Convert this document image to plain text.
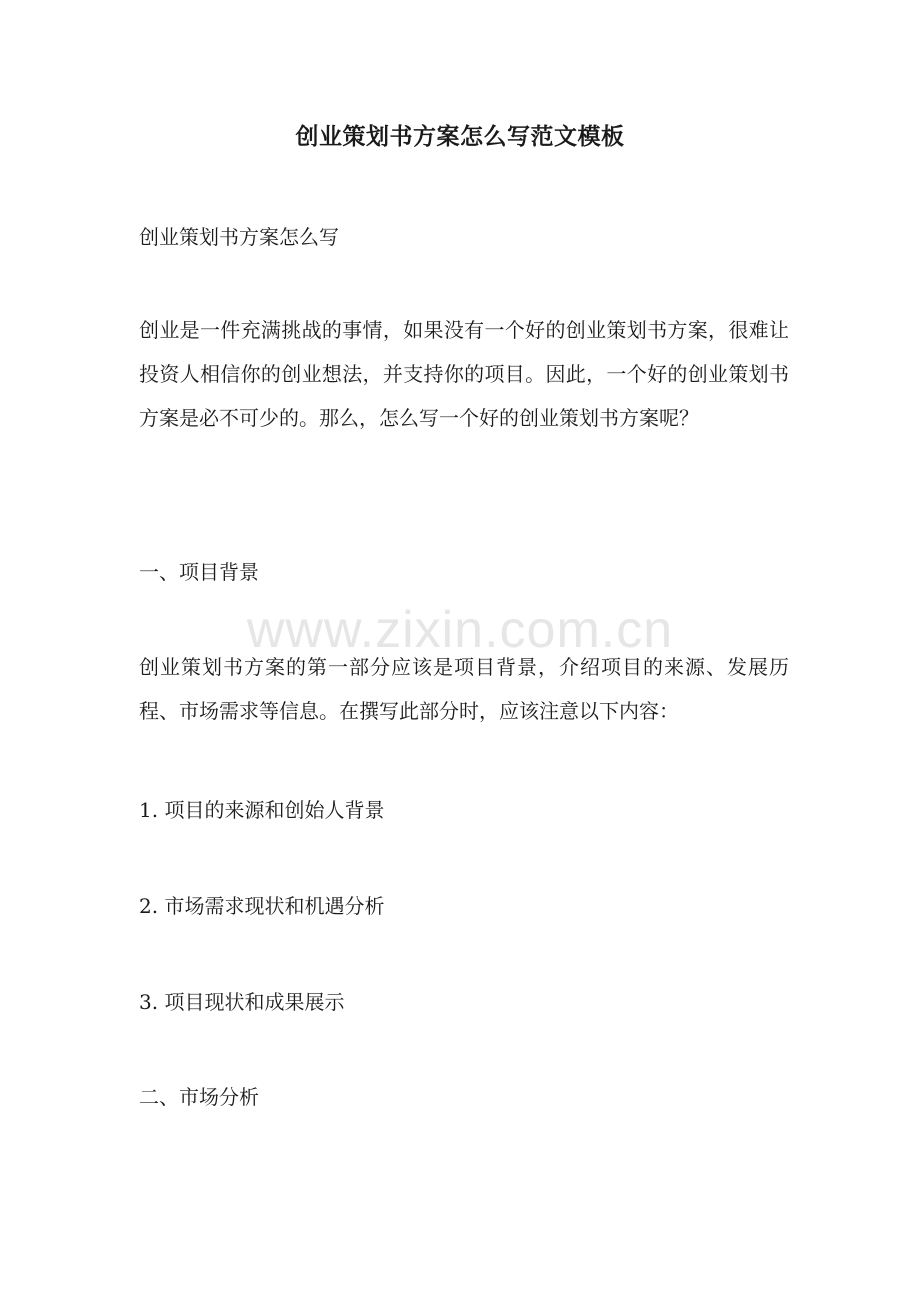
创业策划书方案怎么写范文模板

创业策划书方案怎么写

创业是一件充满挑战的事情，如果没有一个好的创业策划书方案，很难让投资人相信你的创业想法，并支持你的项目。因此，一个好的创业策划书方案是必不可少的。那么，怎么写一个好的创业策划书方案呢？

一、项目背景

创业策划书方案的第一部分应该是项目背景，介绍项目的来源、发展历程、市场需求等信息。在撰写此部分时，应该注意以下内容：

1. 项目的来源和创始人背景

2. 市场需求现状和机遇分析

3. 项目现状和成果展示

二、市场分析

www.zixin.com.cn
